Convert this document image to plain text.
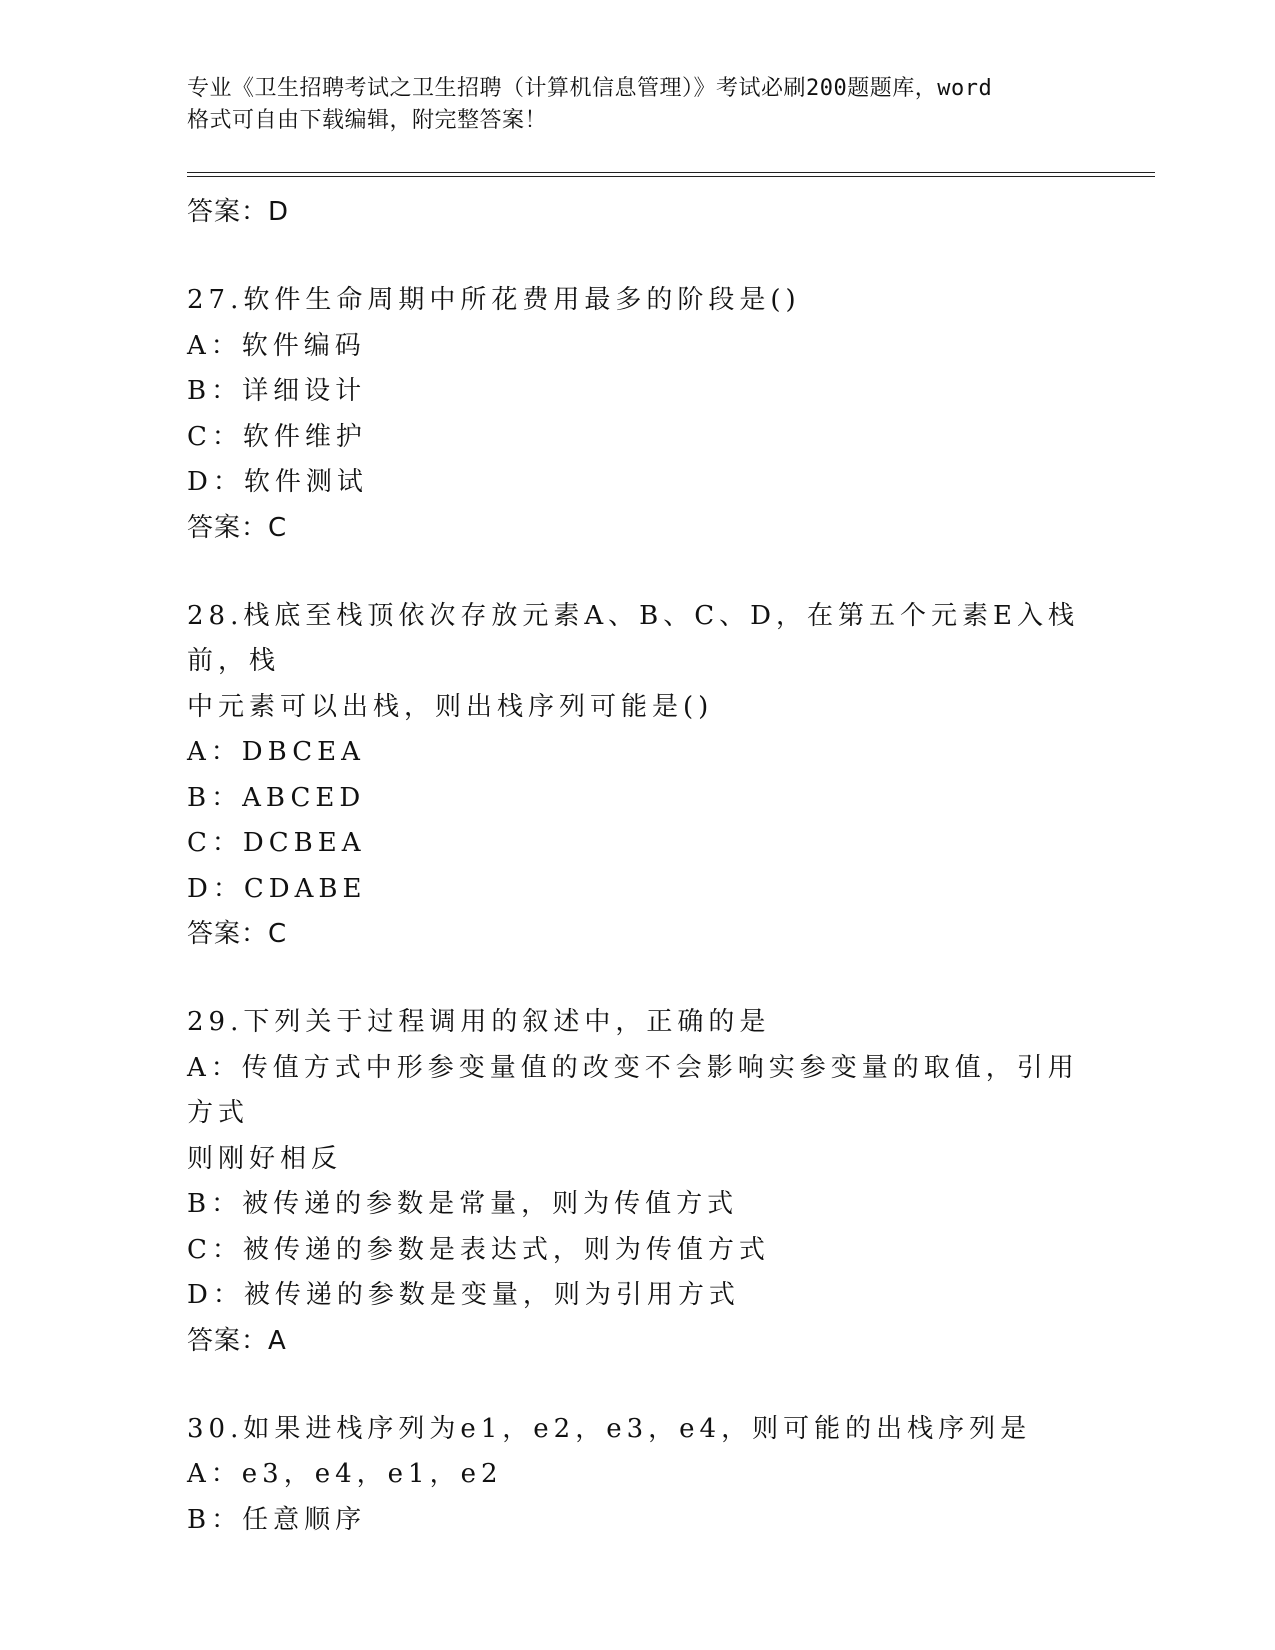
专业《卫生招聘考试之卫生招聘（计算机信息管理）》考试必刷200题题库，word
格式可自由下载编辑，附完整答案！
答案：D
27.软件生命周期中所花费用最多的阶段是()
A：软件编码
B：详细设计
C：软件维护
D：软件测试
答案：C
28.栈底至栈顶依次存放元素A、B、C、D，在第五个元素E入栈前，栈
中元素可以出栈，则出栈序列可能是()
A：DBCEA
B：ABCED
C：DCBEA
D：CDABE
答案：C
29.下列关于过程调用的叙述中，正确的是
A：传值方式中形参变量值的改变不会影响实参变量的取值，引用方式
则刚好相反
B：被传递的参数是常量，则为传值方式
C：被传递的参数是表达式，则为传值方式
D：被传递的参数是变量，则为引用方式
答案：A
30.如果进栈序列为e1，e2，e3，e4，则可能的出栈序列是
A：e3，e4，e1，e2
B：任意顺序
